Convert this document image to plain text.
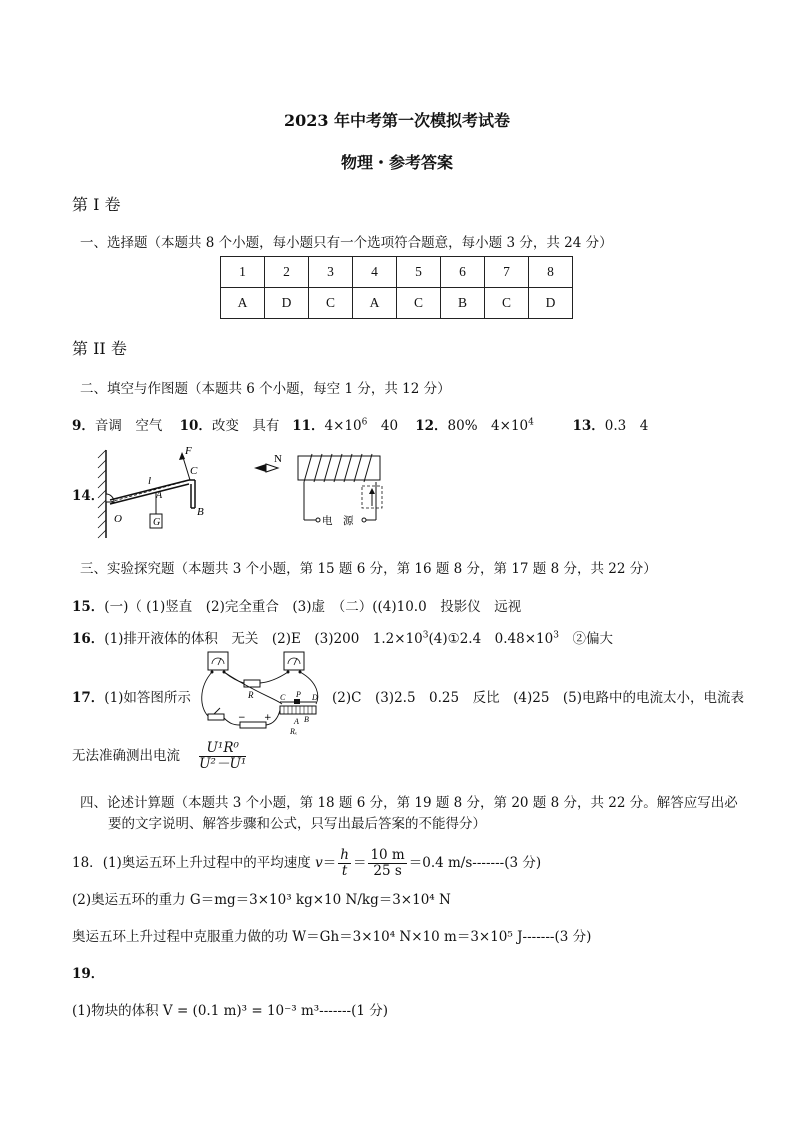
2023 年中考第一次模拟考试卷
物理・参考答案
第 I 卷
一、选择题（本题共 8 个小题，每小题只有一个选项符合题意，每小题 3 分，共 24 分）
1	2	3	4	5	6	7	8
A	D	C	A	C	B	C	D
第 II 卷
二、填空与作图题（本题共 6 个小题，每空 1 分，共 12 分）
9．音调　空气 10．改变　具有 11．$4\times 10^6$　40 12．80%　$4\times 10^4$	13．0.3　4
14．
F
C
l
A
O	G
B
N
电　源
三、实验探究题（本题共 3 个小题，第 15 题 6 分，第 16 题 8 分，第 17 题 8 分，共 22 分）
15．(一)（ (1)竖直　(2)完全重合　(3)虚　（二）((4)10.0　投影仪　远视
16．(1)排开液体的体积　无关　(2)E　(3)200　$1.2\times 10^3(4)①2.4$　$0.48\times 10^3$　②偏大
17．(1)如答图所示	R	C P D
A B
Rₓ
− +
(2)C　(3)2.5　0.25　反比　(4)25　(5)电路中的电流太小，电流表
无法准确测出电流 $\frac{\text{U¹R⁰}}{\text{U²－U¹}}$
四、论述计算题（本题共 3 个小题，第 18 题 6 分，第 19 题 8 分，第 20 题 8 分，共 22 分。解答应写出必
要的文字说明、解答步骤和公式，只写出最后答案的不能得分）
18．(1)奥运五环上升过程中的平均速度 $v= \frac{h}{t} = \frac{10 m}{25 s} =0.4$ m/s-------(3 分)
(2)奥运五环的重力 G＝mg＝3×10³ kg×10 N/kg＝3×10⁴ N
奥运五环上升过程中克服重力做的功 W＝Gh＝3×10⁴ N×10 m＝3×10⁵ J-------(3 分)
19．
(1)物块的体积 V = (0.1 m)³ = 10⁻³ m³-------(1 分)
